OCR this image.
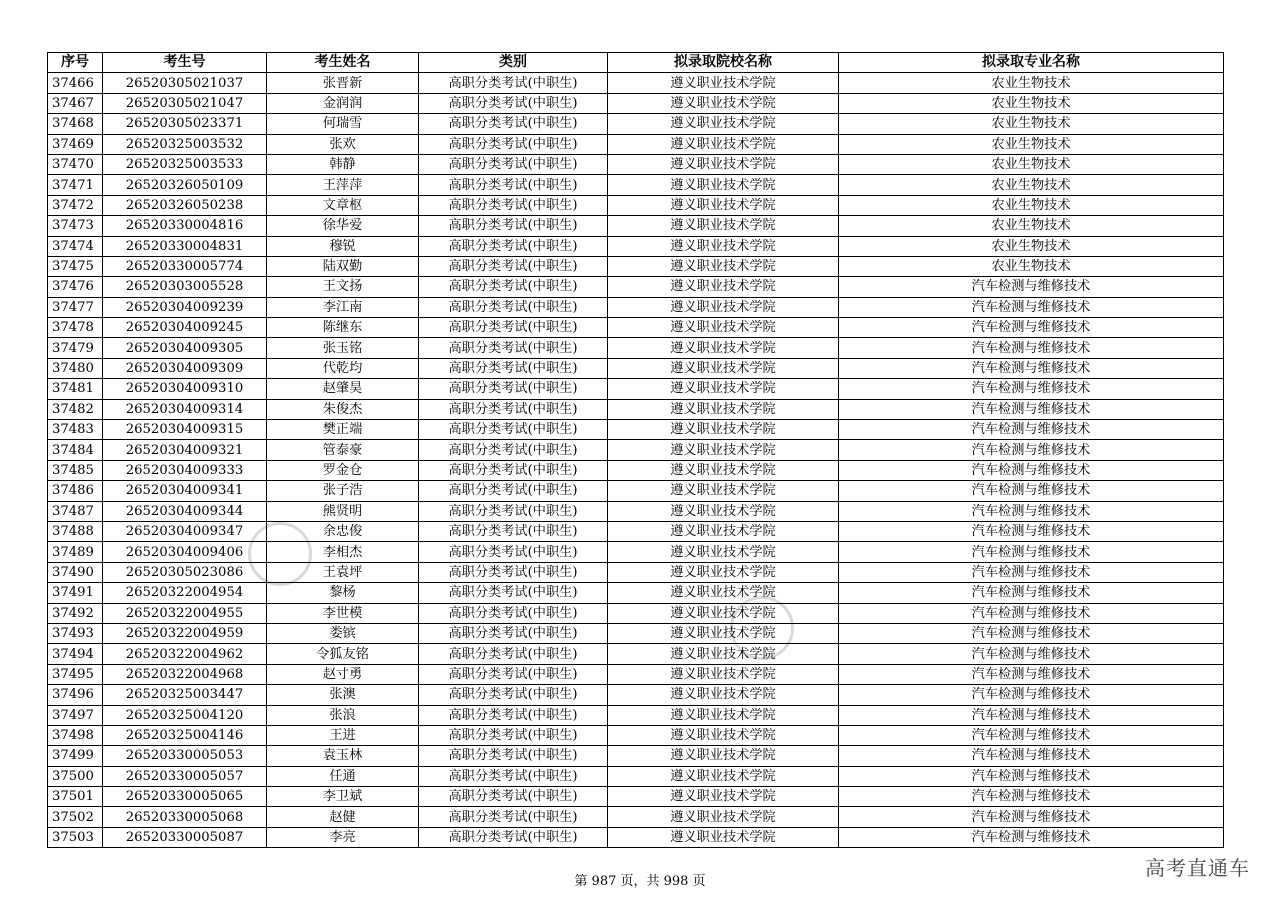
序号	考生号	考生姓名	类别	拟录取院校名称	拟录取专业名称
37466	26520305021037	张晋新	高职分类考试(中职生)	遵义职业技术学院	农业生物技术
37467	26520305021047	金润润	高职分类考试(中职生)	遵义职业技术学院	农业生物技术
37468	26520305023371	何瑞雪	高职分类考试(中职生)	遵义职业技术学院	农业生物技术
37469	26520325003532	张欢	高职分类考试(中职生)	遵义职业技术学院	农业生物技术
37470	26520325003533	韩静	高职分类考试(中职生)	遵义职业技术学院	农业生物技术
37471	26520326050109	王萍萍	高职分类考试(中职生)	遵义职业技术学院	农业生物技术
37472	26520326050238	文章枢	高职分类考试(中职生)	遵义职业技术学院	农业生物技术
37473	26520330004816	徐华爱	高职分类考试(中职生)	遵义职业技术学院	农业生物技术
37474	26520330004831	穆锐	高职分类考试(中职生)	遵义职业技术学院	农业生物技术
37475	26520330005774	陆双勤	高职分类考试(中职生)	遵义职业技术学院	农业生物技术
37476	26520303005528	王文扬	高职分类考试(中职生)	遵义职业技术学院	汽车检测与维修技术
37477	26520304009239	李江南	高职分类考试(中职生)	遵义职业技术学院	汽车检测与维修技术
37478	26520304009245	陈继东	高职分类考试(中职生)	遵义职业技术学院	汽车检测与维修技术
37479	26520304009305	张玉铭	高职分类考试(中职生)	遵义职业技术学院	汽车检测与维修技术
37480	26520304009309	代乾均	高职分类考试(中职生)	遵义职业技术学院	汽车检测与维修技术
37481	26520304009310	赵肇昊	高职分类考试(中职生)	遵义职业技术学院	汽车检测与维修技术
37482	26520304009314	朱俊杰	高职分类考试(中职生)	遵义职业技术学院	汽车检测与维修技术
37483	26520304009315	樊正端	高职分类考试(中职生)	遵义职业技术学院	汽车检测与维修技术
37484	26520304009321	管泰豪	高职分类考试(中职生)	遵义职业技术学院	汽车检测与维修技术
37485	26520304009333	罗金仓	高职分类考试(中职生)	遵义职业技术学院	汽车检测与维修技术
37486	26520304009341	张子浩	高职分类考试(中职生)	遵义职业技术学院	汽车检测与维修技术
37487	26520304009344	熊贤明	高职分类考试(中职生)	遵义职业技术学院	汽车检测与维修技术
37488	26520304009347	余忠俊	高职分类考试(中职生)	遵义职业技术学院	汽车检测与维修技术
37489	26520304009406	李相杰	高职分类考试(中职生)	遵义职业技术学院	汽车检测与维修技术
37490	26520305023086	王袁坪	高职分类考试(中职生)	遵义职业技术学院	汽车检测与维修技术
37491	26520322004954	黎杨	高职分类考试(中职生)	遵义职业技术学院	汽车检测与维修技术
37492	26520322004955	李世模	高职分类考试(中职生)	遵义职业技术学院	汽车检测与维修技术
37493	26520322004959	娄镔	高职分类考试(中职生)	遵义职业技术学院	汽车检测与维修技术
37494	26520322004962	令狐友铭	高职分类考试(中职生)	遵义职业技术学院	汽车检测与维修技术
37495	26520322004968	赵寸勇	高职分类考试(中职生)	遵义职业技术学院	汽车检测与维修技术
37496	26520325003447	张澳	高职分类考试(中职生)	遵义职业技术学院	汽车检测与维修技术
37497	26520325004120	张浪	高职分类考试(中职生)	遵义职业技术学院	汽车检测与维修技术
37498	26520325004146	王进	高职分类考试(中职生)	遵义职业技术学院	汽车检测与维修技术
37499	26520330005053	袁玉林	高职分类考试(中职生)	遵义职业技术学院	汽车检测与维修技术
37500	26520330005057	任通	高职分类考试(中职生)	遵义职业技术学院	汽车检测与维修技术
37501	26520330005065	李卫斌	高职分类考试(中职生)	遵义职业技术学院	汽车检测与维修技术
37502	26520330005068	赵健	高职分类考试(中职生)	遵义职业技术学院	汽车检测与维修技术
37503	26520330005087	李亮	高职分类考试(中职生)	遵义职业技术学院	汽车检测与维修技术
第 987 页，共 998 页
高考直通车
